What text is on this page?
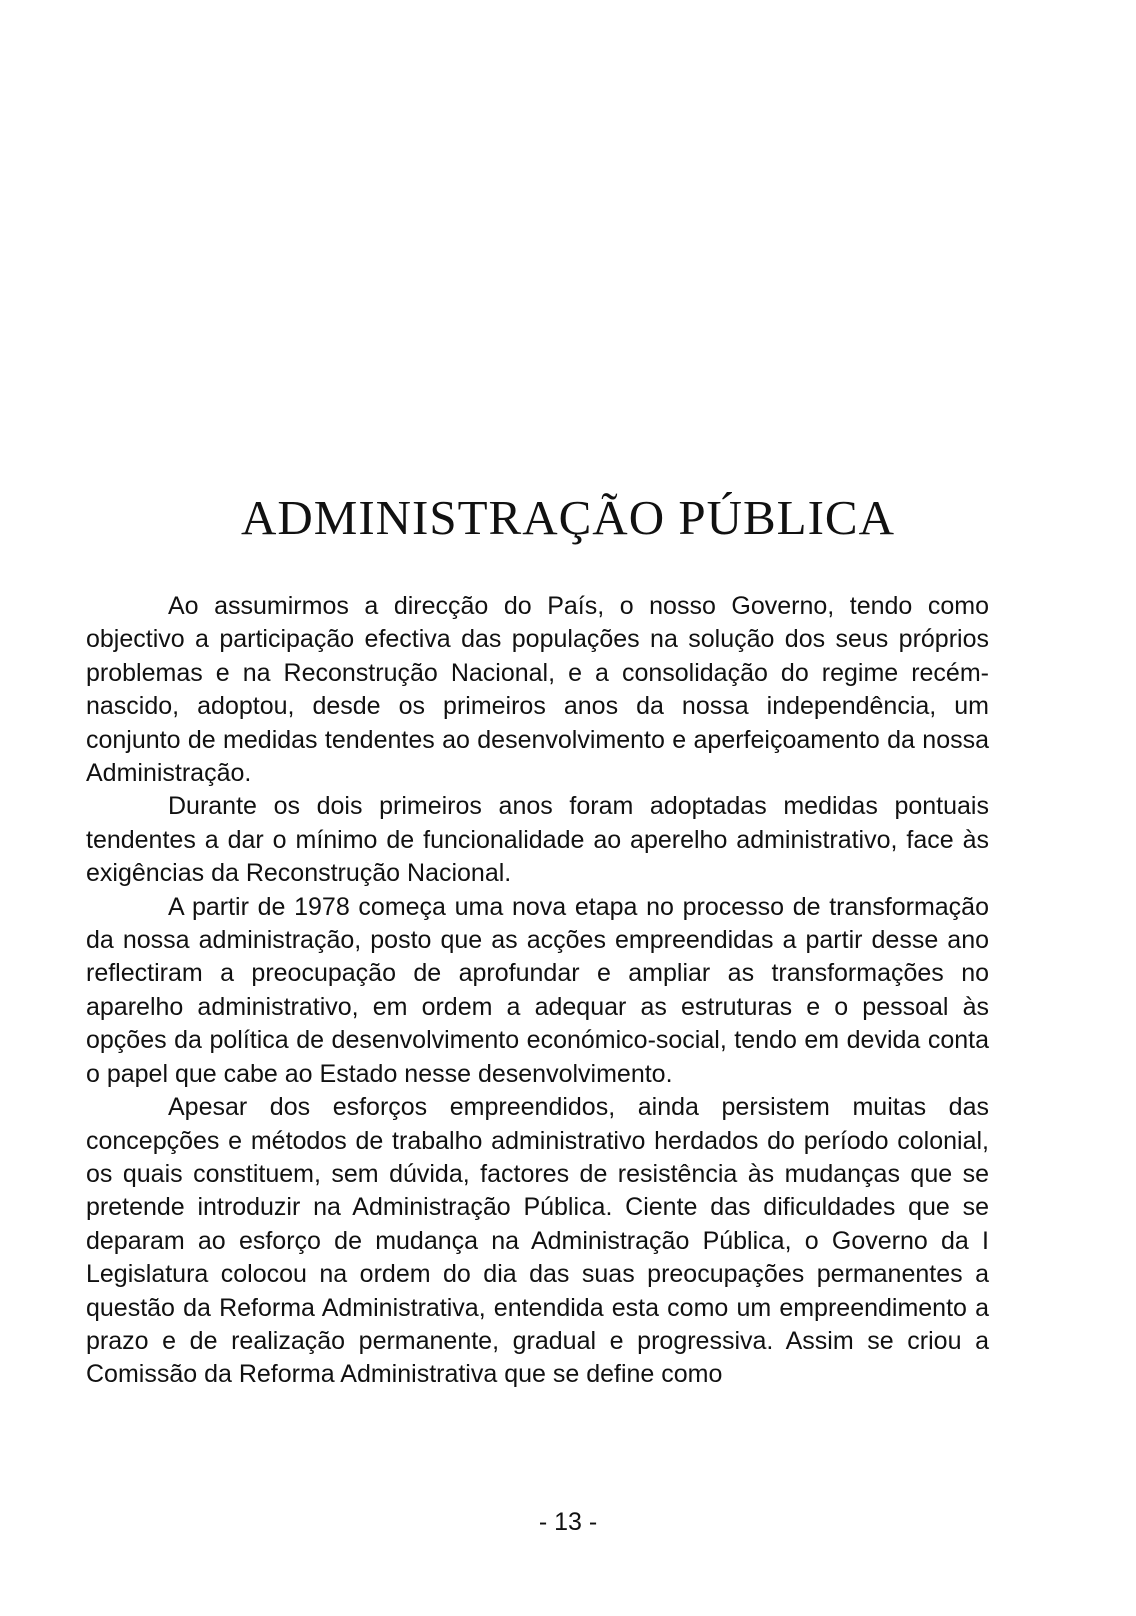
ADMINISTRAÇÃO PÚBLICA

Ao assumirmos a direcção do País, o nosso Governo, tendo como objectivo a participação efectiva das populações na solução dos seus próprios problemas e na Reconstrução Nacional, e a consolidação do regime recém-nascido, adoptou, desde os primeiros anos da nossa independência, um conjunto de medidas tendentes ao desenvolvimento e aperfeiçoamento da nossa Administração.

Durante os dois primeiros anos foram adoptadas medidas pontuais tendentes a dar o mínimo de funcionalidade ao aperelho administrativo, face às exigências da Reconstrução Nacional.

A partir de 1978 começa uma nova etapa no processo de transformação da nossa administração, posto que as acções empreendidas a partir desse ano reflectiram a preocupação de aprofundar e ampliar as transformações no aparelho administrativo, em ordem a adequar as estruturas e o pessoal às opções da política de desenvolvimento económico-social, tendo em devida conta o papel que cabe ao Estado nesse desenvolvimento.

Apesar dos esforços empreendidos, ainda persistem muitas das concepções e métodos de trabalho administrativo herdados do período colonial, os quais constituem, sem dúvida, factores de resistência às mudanças que se pretende introduzir na Administração Pública. Ciente das dificuldades que se deparam ao esforço de mudança na Administração Pública, o Governo da I Legislatura colocou na ordem do dia das suas preocupações permanentes a questão da Reforma Administrativa, entendida esta como um empreendimento a prazo e de realização permanente, gradual e progressiva. Assim se criou a Comissão da Reforma Administrativa que se define como

- 13 -
